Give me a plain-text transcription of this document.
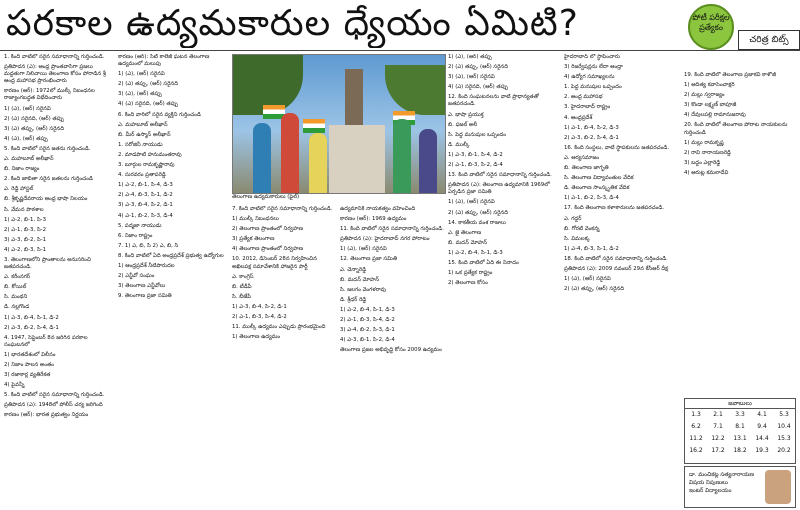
పరకాల ఉద్యమకారుల ధ్యేయం ఏమిటి?	పోటీ పరీక్షల ప్రత్యేకం
చరిత్ర బిట్స్
1. కింది వాటిలో సరైన సమాధానాన్ని గుర్తించండి.
ప్రతిపాదన (ఎ): ఆంధ్ర ప్రాంతవాసిగా ప్రజలు మద్దతుగా నిలిచాయి తెలంగాణ కోసం పోరాడిన శ్రీ ఆంధ్ర మహాసభ ప్రారంభించారు
కారణం (ఆర్): 1972లో ముల్కీ నిబంధనల రాజ్యాంగబద్ధత విభేదించారు
1) (ఎ), (ఆర్) సరైనవి
2) (ఎ) సరైనది, (ఆర్) తప్పు
3) (ఎ) తప్పు, (ఆర్) సరైనది
4) (ఎ), (ఆర్) తప్పు
5. కింది వాటిలో సరైన జతను గుర్తించండి.
ఎ. మహబూబ్ అలీఖాన్
బి. నిజాం రాజ్యం
2. కింది జాబితా సరైన జతలను గుర్తించండి
ఎ. రెడ్డి హాస్టల్
బి. శ్రీకృష్ణదేవరాయ ఆంధ్ర భాషా నిలయం
సి. వేమన పాఠశాల
1) ఎ-2, బి-1, సి-3
2) ఎ-1, బి-3, సి-2
3) ఎ-3, బి-2, సి-1
4) ఎ-2, బి-3, సి-1
3. తెలంగాణలోని ప్రాంతాలను అనుసరించి జతపరచండి.
ఎ. కరీంనగర్
బి. కోయిల్
సి. మంథని
డి. నల్లగొండ
1) ఎ-3, బి-4, సి-1, డి-2
2) ఎ-3, బి-2, సి-4, డి-1
4. 1947, సెప్టెంబర్ 8న జరిగిన పరకాల సంఘటనలో
1) భారతదేశంలో విలీనం
2) నిజాం పాలన అంతం
3) రజాకార్ల వ్యతిరేకత
4) పైవన్నీ
5. కింది వాటిలో సరైన సమాధానాన్ని గుర్తించండి.
ప్రతిపాదన (ఎ): 1948లో పోలీస్ చర్య జరిగింది
కారణం (ఆర్): భారత ప్రభుత్వం నిర్ణయం
కారణం (ఆర్): సిటీ కాలేజీ ఘటన తెలంగాణ ఉద్యమంలో మలుపు
1) (ఎ), (ఆర్) సరైనవి
2) (ఎ) తప్పు, (ఆర్) సరైనది
3) (ఎ), (ఆర్) తప్పు
4) (ఎ) సరైనది, (ఆర్) తప్పు
6. కింది వారిలో సరైన వ్యక్తిని గుర్తించండి
ఎ. మహబూబ్ అలీఖాన్
బి. మీర్ ఉస్మాన్ అలీఖాన్
1. సరోజినీ నాయుడు
2. మాడపాటి హనుమంతరావు
3. బూర్గుల రామకృష్ణారావు
4. సురవరం ప్రతాపరెడ్డి
1) ఎ-2, బి-1, సి-4, డి-3
2) ఎ-4, బి-3, సి-1, డి-2
3) ఎ-3, బి-4, సి-2, డి-1
4) ఎ-1, బి-2, సి-3, డి-4
5. పద్మజా నాయుడు
6. నిజాం రాష్ట్రం
7. 1) ఎ, బి, సి 2) ఎ, బి, సి
8. కింది వాటిలో ఏది అంధ్రప్రదేశ్ ప్రభుత్వ ఉద్యోగుల
1) ఆంధ్రప్రదేశ్ నీటిపారుదల
2) ఎన్జీవో సంఘం
3) తెలంగాణ ఎన్జీవోలు
9. తెలంగాణ ప్రజా సమితి
తెలంగాణ ఉద్యమకారులు (ఫైల్)
7. కింది వాటిలో సరైన సమాధానాన్ని గుర్తించండి.
1) ముల్కీ నిబంధనలు
2) తెలంగాణ ప్రాంతంలో నిర్వహణ
3) ప్రత్యేక తెలంగాణ
4) తెలంగాణ ప్రాంతంలో నిర్వహణ
10. 2012, డిసెంబర్ 28న నిర్వహించిన అఖిలపక్ష సమావేశానికి హాజరైన పార్టీ
ఎ. కాంగ్రెస్
బి. టీడీపీ
సి. బీజేపీ
1) ఎ-3, బి-4, సి-2, డి-1
2) ఎ-1, బి-3, సి-4, డి-2
11. ముల్కీ ఉద్యమం ఎప్పుడు ప్రారంభమైంది
1) తెలంగాణ ఉద్యమం
ఉద్యమానికి నాయకత్వం వహించింది
కారణం (ఆర్): 1969 ఉద్యమం
11. కింది వాటిలో సరైన సమాధానాన్ని గుర్తించండి.
ప్రతిపాదన (ఎ): హైదరాబాద్ నగర పోరాటం
1) (ఎ), (ఆర్) సరైనవి
12. తెలంగాణ ప్రజా సమితి
ఎ. చెన్నారెడ్డి
బి. మదన్ మోహన్
సి. జలగం వెంగళరావు
డి. శ్రీధర్ రెడ్డి
1) ఎ-2, బి-4, సి-1, డి-3
2) ఎ-1, బి-3, సి-4, డి-2
3) ఎ-4, బి-2, సి-3, డి-1
4) ఎ-3, బి-1, సి-2, డి-4
తెలంగాణ ప్రజల అభివృద్ధి కోసం 2009 ఉద్యమం
1) (ఎ), (ఆర్) తప్పు
2) (ఎ) తప్పు, (ఆర్) సరైనది
3) (ఎ), (ఆర్) సరైనవి
4) (ఎ) సరైనది, (ఆర్) తప్పు
12. కింది సంఘటనలను వాటి ప్రాధాన్యతతో జతపరచండి.
ఎ. భాషా ప్రయుక్త
బి. ఫజల్ అలీ
సి. పెద్ద మనుషుల ఒప్పందం
డి. ముల్కీ
1) ఎ-3, బి-1, సి-4, డి-2
2) ఎ-1, బి-3, సి-2, డి-4
13. కింది వాటిలో సరైన సమాధానాన్ని గుర్తించండి.
ప్రతిపాదన (ఎ): తెలంగాణ ఉద్యమానికి 1969లో ఏర్పడిన ప్రజా సమితి
1) (ఎ), (ఆర్) సరైనవి
2) (ఎ) తప్పు, (ఆర్) సరైనది
14. కాకతీయ వంశ రాజులు
ఎ. జై తెలంగాణ
బి. మదన్ మోహన్
1) ఎ-2, బి-4, సి-1, డి-3
15. కింది వాటిలో ఏది ఈ నినాదం
1) ఒక ప్రత్యేక రాష్ట్రం
2) తెలంగాణ కోసం
హైదరాబాద్ లో స్థాపించారు
3) రిజర్వేషన్లను లేదా ఆంధ్రా
4) ఉద్యోగ సమాఖ్యలను
1. పెద్ద మనుషుల ఒప్పందం
2. ఆంధ్ర మహాసభ
3. హైదరాబాద్ రాష్ట్రం
4. ఆంధ్రప్రదేశ్
1) ఎ-1, బి-4, సి-2, డి-3
2) ఎ-3, బి-2, సి-4, డి-1
16. కింది సంస్థలు, వాటి స్థాపకులను జతపరచండి.
ఎ. ఆర్యసమాజం
బి. తెలంగాణ జాగృతి
సి. తెలంగాణ విద్యావంతుల వేదిక
డి. తెలంగాణ సాంస్కృతిక వేదిక
1) ఎ-1, బి-2, సి-3, డి-4
17. కింది తెలంగాణ కళాకారులను జతపరచండి.
ఎ. గద్దర్
బి. గోరటి వెంకన్న
సి. విమలక్క
1) ఎ-4, బి-3, సి-1, డి-2
18. కింది వాటిలో సరైన సమాధానాన్ని గుర్తించండి.
ప్రతిపాదన (ఎ): 2009 నవంబర్ 29న కేసీఆర్ దీక్ష
1) (ఎ), (ఆర్) సరైనవి
2) (ఎ) తప్పు, (ఆర్) సరైనది
19. కింది వాటిలో తెలంగాణ ప్రజాకవి కాళోజీ
1) ఆదిత్య కవాసెంచాక్షరి
2) మల్లు స్వరాజ్యం
3) కొండా లక్ష్మణ్ బాపూజీ
4) దేవులపల్లి రామానుజరావు
20. కింది వాటిలో తెలంగాణ పోరాట నాయకులను గుర్తించండి
1) మల్లు రామకృష్ణ
2) రావి నారాయణరెడ్డి
3) బద్దం ఎల్లారెడ్డి
4) ఆరుట్ల కమలాదేవి
జవాబులు
1.3	2.1	3.3	4.1	5.3
6.2	7.1	8.1	9.4	10.4
11.2	12.2	13.1	14.4	15.3
16.2	17.2	18.2	19.3	20.2
డా. మంచికట్ల సత్యనారాయణ
విషయ నిపుణులు
ఇంటర్ విద్యాలయం
